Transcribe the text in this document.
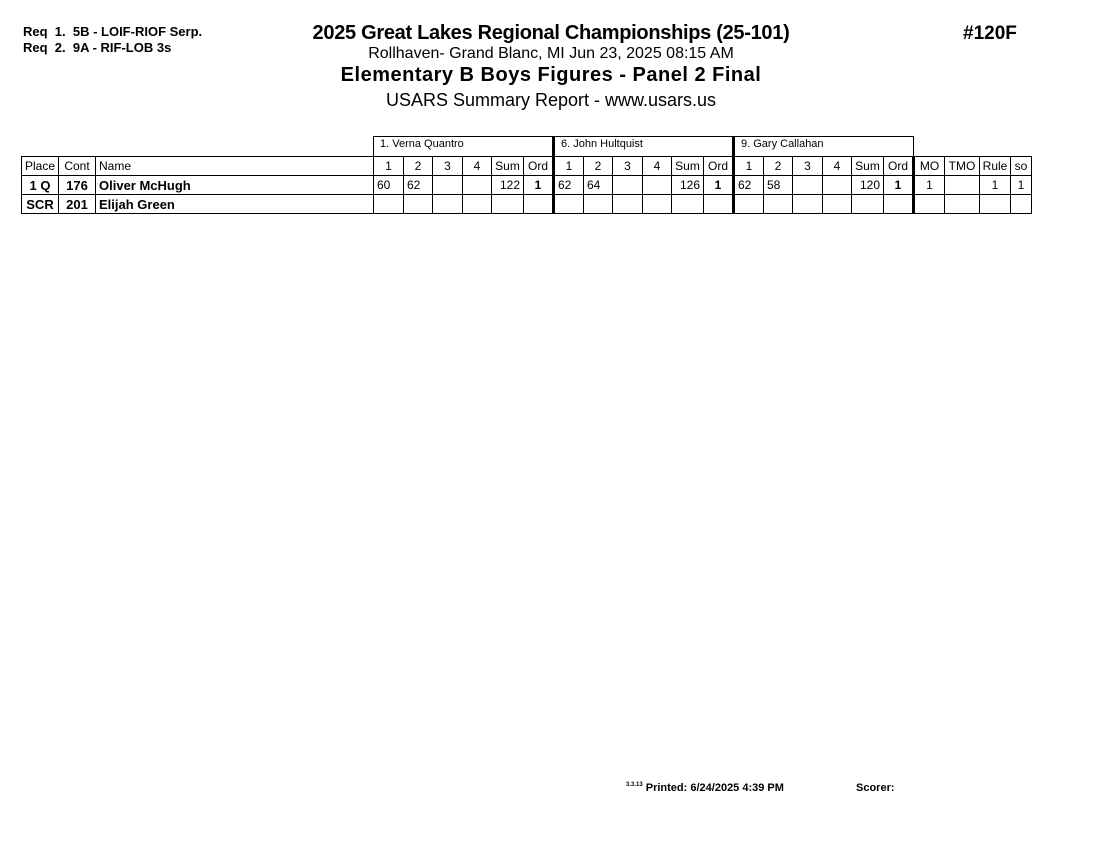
Req  1.  5B - LOIF-RIOF Serp.
Req  2.  9A - RIF-LOB 3s
2025 Great Lakes Regional Championships (25-101)
Rollhaven- Grand Blanc, MI Jun 23, 2025 08:15 AM
Elementary B Boys Figures - Panel 2 Final
USARS Summary Report - www.usars.us
#120F
			1. Verna Quantro						6. John Hultquist						9. Gary Callahan									
Place	Cont	Name	1	2	3	4	Sum	Ord	1	2	3	4	Sum	Ord	1	2	3	4	Sum	Ord	MO	TMO	Rule	so
1 Q	176	Oliver McHugh	60	62			122	1	62	64			126	1	62	58			120	1	1		1	1
SCR	201	Elijah Green																						
$^{3.3.13}$ Printed: 6/24/2025 4:39 PM	Scorer:
